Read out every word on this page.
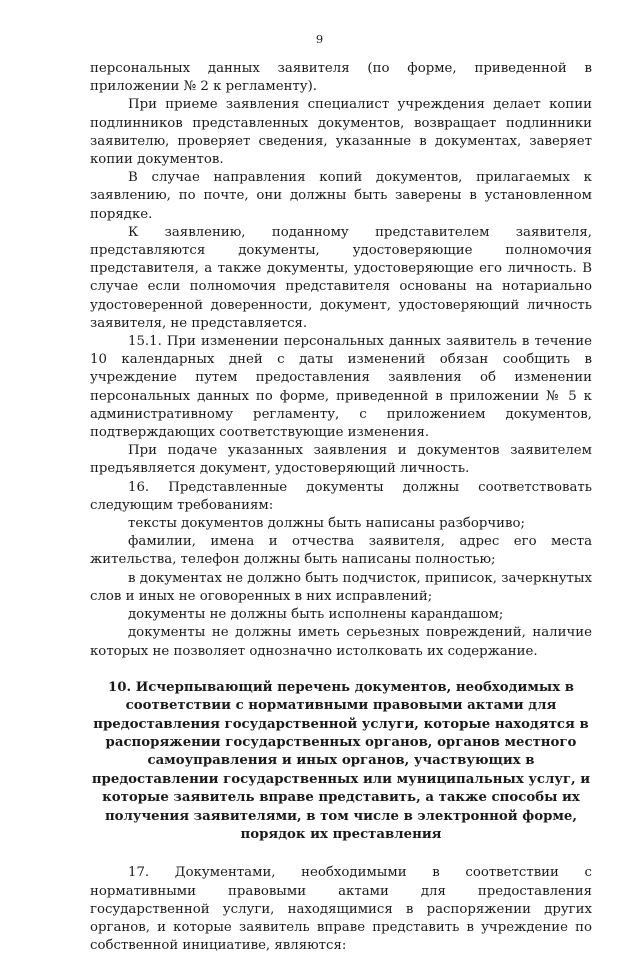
9

персональных данных заявителя (по форме, приведенной в приложении № 2 к регламенту).

При приеме заявления специалист учреждения делает копии подлинников представленных документов, возвращает подлинники заявителю, проверяет сведения, указанные в документах, заверяет копии документов.

В случае направления копий документов, прилагаемых к заявлению, по почте, они должны быть заверены в установленном порядке.

К заявлению, поданному представителем заявителя, представляются документы, удостоверяющие полномочия представителя, а также документы, удостоверяющие его личность. В случае если полномочия представителя основаны на нотариально удостоверенной доверенности, документ, удостоверяющий личность заявителя, не представляется.

15.1. При изменении персональных данных заявитель в течение 10 календарных дней с даты изменений обязан сообщить в учреждение путем предоставления заявления об изменении персональных данных по форме, приведенной в приложении № 5 к административному регламенту, с приложением документов, подтверждающих соответствующие изменения.

При подаче указанных заявления и документов заявителем предъявляется документ, удостоверяющий личность.

16. Представленные документы должны соответствовать следующим требованиям:

тексты документов должны быть написаны разборчиво;

фамилии, имена и отчества заявителя, адрес его места жительства, телефон должны быть написаны полностью;

в документах не должно быть подчисток, приписок, зачеркнутых слов и иных не оговоренных в них исправлений;

документы не должны быть исполнены карандашом;

документы не должны иметь серьезных повреждений, наличие которых не позволяет однозначно истолковать их содержание.

10. Исчерпывающий перечень документов, необходимых в соответствии с нормативными правовыми актами для предоставления государственной услуги, которые находятся в распоряжении государственных органов, органов местного самоуправления и иных органов, участвующих в предоставлении государственных или муниципальных услуг, и которые заявитель вправе представить, а также способы их получения заявителями, в том числе в электронной форме, порядок их преставления

17. Документами, необходимыми в соответствии с нормативными правовыми актами для предоставления государственной услуги, находящимися в распоряжении других органов, и которые заявитель вправе представить в учреждение по собственной инициативе, являются:
